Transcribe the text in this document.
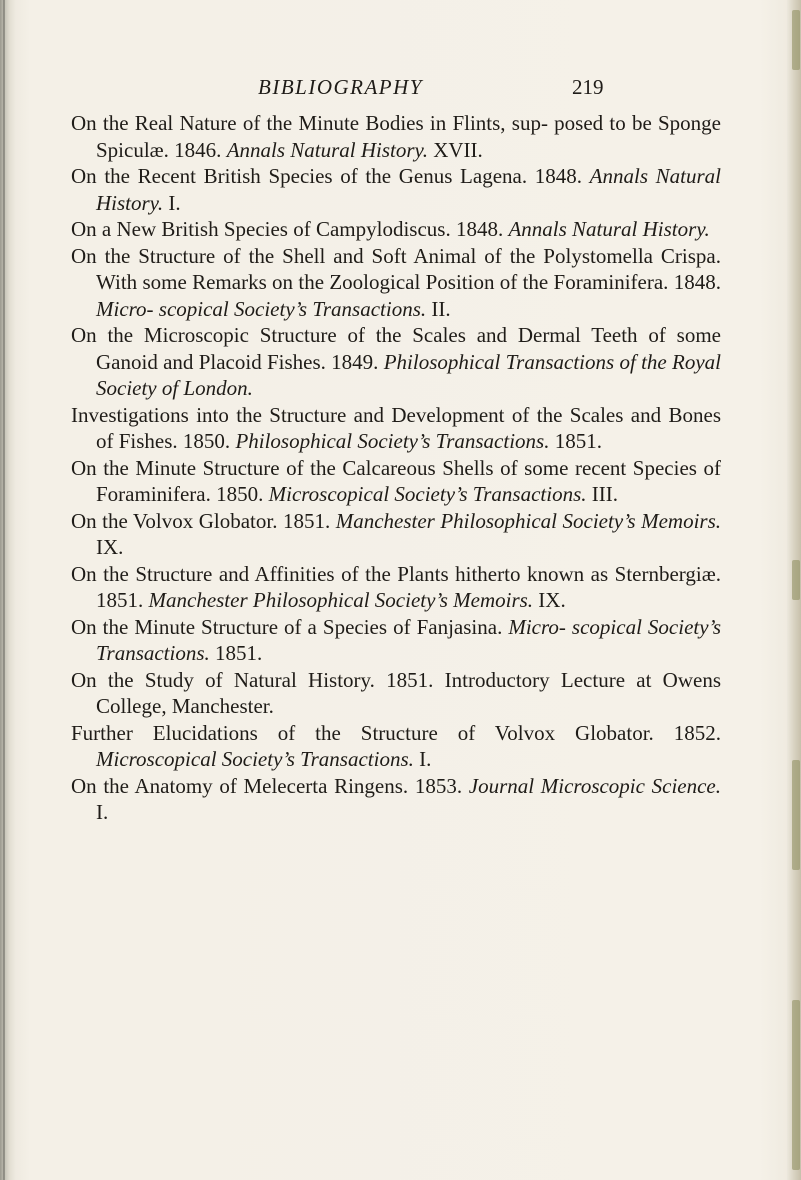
BIBLIOGRAPHY	219

On the Real Nature of the Minute Bodies in Flints, sup- posed to be Sponge Spiculæ. 1846. Annals Natural History. XVII.

On the Recent British Species of the Genus Lagena. 1848. Annals Natural History. I.

On a New British Species of Campylodiscus. 1848. Annals Natural History.

On the Structure of the Shell and Soft Animal of the Polystomella Crispa. With some Remarks on the Zoological Position of the Foraminifera. 1848. Micro- scopical Society’s Transactions. II.

On the Microscopic Structure of the Scales and Dermal Teeth of some Ganoid and Placoid Fishes. 1849. Philosophical Transactions of the Royal Society of London.

Investigations into the Structure and Development of the Scales and Bones of Fishes. 1850. Philosophical Society’s Transactions. 1851.

On the Minute Structure of the Calcareous Shells of some recent Species of Foraminifera. 1850. Microscopical Society’s Transactions. III.

On the Volvox Globator. 1851. Manchester Philosophical Society’s Memoirs. IX.

On the Structure and Affinities of the Plants hitherto known as Sternbergiæ. 1851. Manchester Philosophical Society’s Memoirs. IX.

On the Minute Structure of a Species of Fanjasina. Micro- scopical Society’s Transactions. 1851.

On the Study of Natural History. 1851. Introductory Lecture at Owens College, Manchester.

Further Elucidations of the Structure of Volvox Globator. 1852. Microscopical Society’s Transactions. I.

On the Anatomy of Melecerta Ringens. 1853. Journal Microscopic Science. I.
